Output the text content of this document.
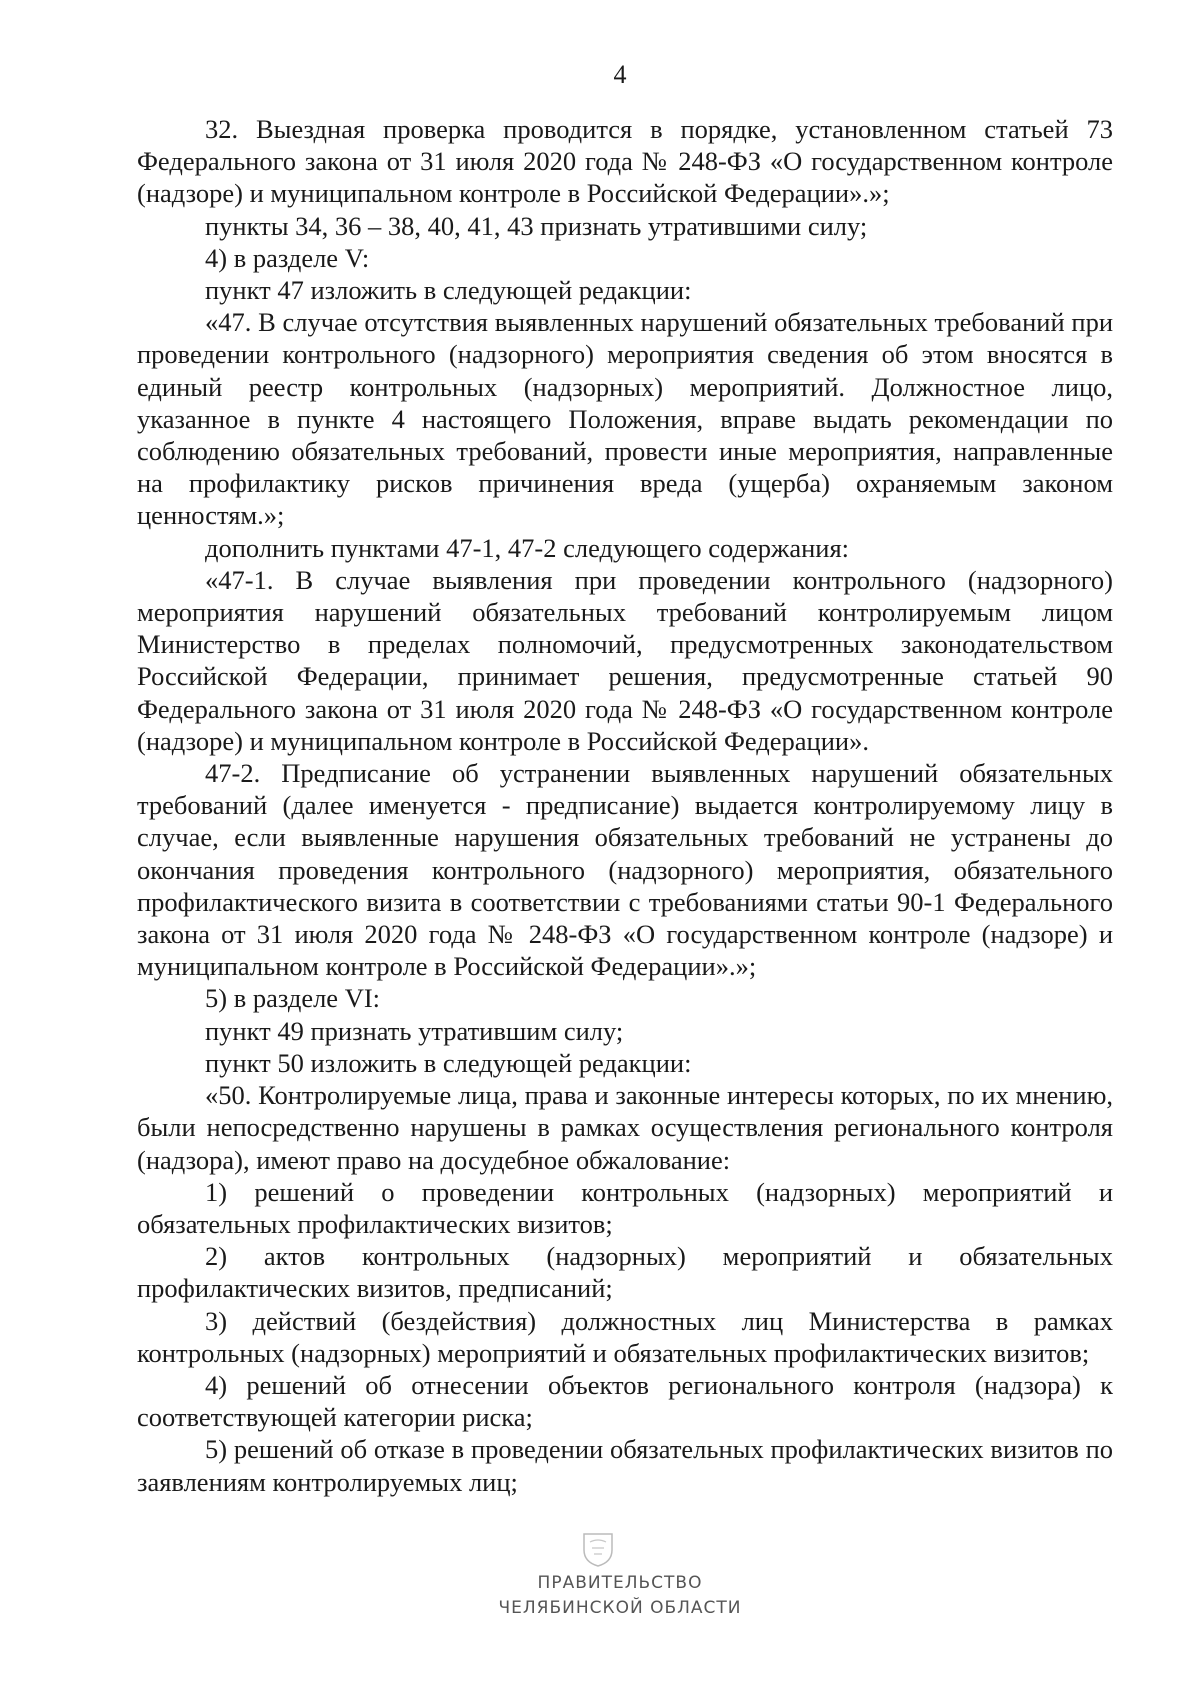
4

32. Выездная проверка проводится в порядке, установленном статьей 73 Федерального закона от 31 июля 2020 года № 248-ФЗ «О государственном контроле (надзоре) и муниципальном контроле в Российской Федерации».»;

пункты 34, 36 – 38, 40, 41, 43 признать утратившими силу;

4) в разделе V:

пункт 47 изложить в следующей редакции:

«47. В случае отсутствия выявленных нарушений обязательных требований при проведении контрольного (надзорного) мероприятия сведения об этом вносятся в единый реестр контрольных (надзорных) мероприятий. Должностное лицо, указанное в пункте 4 настоящего Положения, вправе выдать рекомендации по соблюдению обязательных требований, провести иные мероприятия, направленные на профилактику рисков причинения вреда (ущерба) охраняемым законом ценностям.»;

дополнить пунктами 47-1, 47-2 следующего содержания:

«47-1. В случае выявления при проведении контрольного (надзорного) мероприятия нарушений обязательных требований контролируемым лицом Министерство в пределах полномочий, предусмотренных законодательством Российской Федерации, принимает решения, предусмотренные статьей 90 Федерального закона от 31 июля 2020 года № 248-ФЗ «О государственном контроле (надзоре) и муниципальном контроле в Российской Федерации».

47-2. Предписание об устранении выявленных нарушений обязательных требований (далее именуется - предписание) выдается контролируемому лицу в случае, если выявленные нарушения обязательных требований не устранены до окончания проведения контрольного (надзорного) мероприятия, обязательного профилактического визита в соответствии с требованиями статьи 90-1 Федерального закона от 31 июля 2020 года № 248-ФЗ «О государственном контроле (надзоре) и муниципальном контроле в Российской Федерации».»;

5) в разделе VI:

пункт 49 признать утратившим силу;

пункт 50 изложить в следующей редакции:

«50. Контролируемые лица, права и законные интересы которых, по их мнению, были непосредственно нарушены в рамках осуществления регионального контроля (надзора), имеют право на досудебное обжалование:

1) решений о проведении контрольных (надзорных) мероприятий и обязательных профилактических визитов;

2) актов контрольных (надзорных) мероприятий и обязательных профилактических визитов, предписаний;

3) действий (бездействия) должностных лиц Министерства в рамках контрольных (надзорных) мероприятий и обязательных профилактических визитов;

4) решений об отнесении объектов регионального контроля (надзора) к соответствующей категории риска;

5) решений об отказе в проведении обязательных профилактических визитов по заявлениям контролируемых лиц;

ПРАВИТЕЛЬСТВО
ЧЕЛЯБИНСКОЙ ОБЛАСТИ
